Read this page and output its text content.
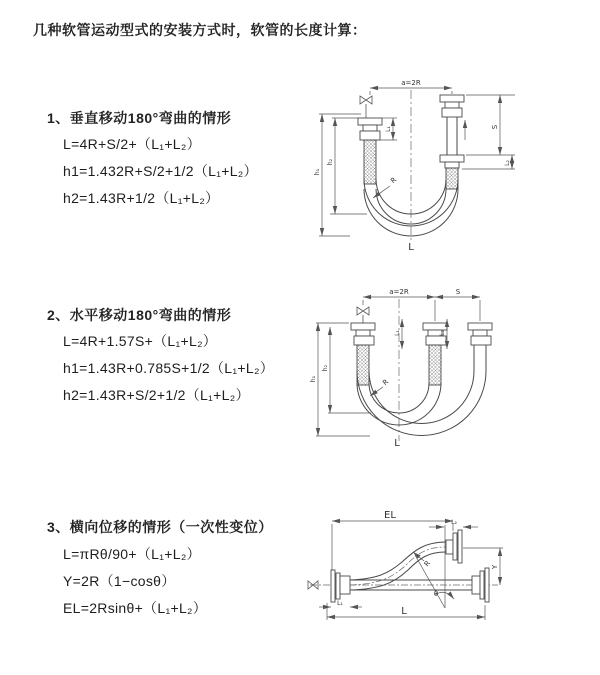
几种软管运动型式的安装方式时，软管的长度计算：
1、垂直移动180°弯曲的情形
L=4R+S/2+（L₁+L₂）
h1=1.432R+S/2+1/2（L₁+L₂）
h2=1.43R+1/2（L₁+L₂）
2、水平移动180°弯曲的情形
L=4R+1.57S+（L₁+L₂）
h1=1.43R+0.785S+1/2（L₁+L₂）
h2=1.43R+S/2+1/2（L₁+L₂）
3、横向位移的情形（一次性变位）
L=πRθ/90+（L₁+L₂）
Y=2R（1−cosθ）
EL=2Rsinθ+（L₁+L₂）
a=2R
h₁
h₂
L₁	S
L₂
R
L
a=2R	S
h₁
h₂
L₁	L₂
R
L
EL
L₂
θ
R	Y
L₁
L
